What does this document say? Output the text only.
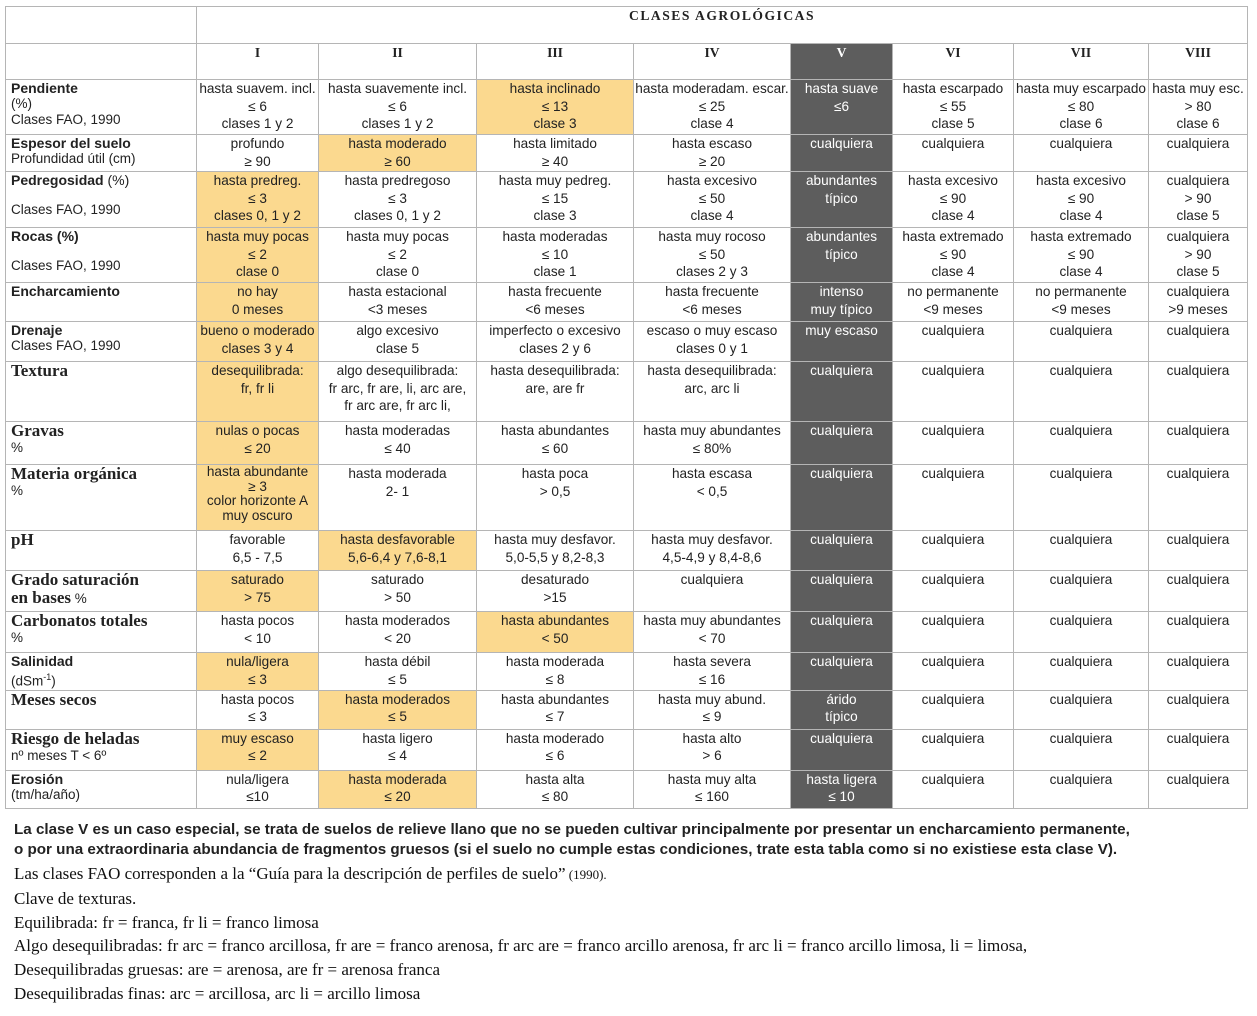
	CLASES AGROLÓGICAS							
	I	II	III	IV	V	VI	VII	VIII

Pendiente
(%)
Clases FAO, 1990	hasta suavem. incl.
≤ 6
clases 1 y 2	hasta suavemente incl.
≤ 6
clases 1 y 2	hasta inclinado
≤ 13
clase 3	hasta moderadam. escar.
≤ 25
clase 4	hasta suave
≤6	hasta escarpado
≤ 55
clase 5	hasta muy escarpado
≤ 80
clase 6	hasta muy esc.
> 80
clase 6

Espesor del suelo
Profundidad útil (cm)	profundo
≥ 90	hasta moderado
≥ 60	hasta limitado
≥ 40	hasta escaso
≥ 20	cualquiera	cualquiera	cualquiera	cualquiera

Pedregosidad (%)
Clases FAO, 1990	hasta predreg.
≤ 3
clases 0, 1 y 2	hasta predregoso
≤ 3
clases 0, 1 y 2	hasta muy pedreg.
≤ 15
clase 3	hasta excesivo
≤ 50
clase 4	abundantes
típico	hasta excesivo
≤ 90
clase 4	hasta excesivo
≤ 90
clase 4	cualquiera
> 90
clase 5

Rocas (%)
Clases FAO, 1990	hasta muy pocas
≤ 2
clase 0	hasta muy pocas
≤ 2
clase 0	hasta moderadas
≤ 10
clase 1	hasta muy rocoso
≤ 50
clases 2 y 3	abundantes
típico	hasta extremado
≤ 90
clase 4	hasta extremado
≤ 90
clase 4	cualquiera
> 90
clase 5

Encharcamiento	no hay
0 meses	hasta estacional
<3 meses	hasta frecuente
<6 meses	hasta frecuente
<6 meses	intenso
muy típico	no permanente
<9 meses	no permanente
<9 meses	cualquiera
>9 meses

Drenaje
Clases FAO, 1990	bueno o moderado
clases 3 y 4	algo excesivo
clase 5	imperfecto o excesivo
clases 2 y 6	escaso o muy escaso
clases 0 y 1	muy escaso	cualquiera	cualquiera	cualquiera

Textura	desequilibrada:
fr, fr li	algo desequilibrada:
fr arc, fr are, li, arc are,
fr arc are, fr arc li,	hasta desequilibrada:
are, are fr	hasta desequilibrada:
arc, arc li	cualquiera	cualquiera	cualquiera	cualquiera

Gravas
%	nulas o pocas
≤ 20	hasta moderadas
≤ 40	hasta abundantes
≤ 60	hasta muy abundantes
≤ 80%	cualquiera	cualquiera	cualquiera	cualquiera

Materia orgánica
%	hasta abundante
≥ 3
color horizonte A
muy oscuro	hasta moderada
2- 1	hasta poca
> 0,5	hasta escasa
< 0,5	cualquiera	cualquiera	cualquiera	cualquiera

pH	favorable
6,5 - 7,5	hasta desfavorable
5,6-6,4 y 7,6-8,1	hasta muy desfavor.
5,0-5,5 y 8,2-8,3	hasta muy desfavor.
4,5-4,9 y 8,4-8,6	cualquiera	cualquiera	cualquiera	cualquiera

Grado saturación
en bases %	saturado
> 75	saturado
> 50	desaturado
>15	cualquiera	cualquiera	cualquiera	cualquiera	cualquiera

Carbonatos totales
%	hasta pocos
< 10	hasta moderados
< 20	hasta abundantes
< 50	hasta muy abundantes
< 70	cualquiera	cualquiera	cualquiera	cualquiera

Salinidad
(dSm$^{-1}$)	nula/ligera
≤ 3	hasta débil
≤ 5	hasta moderada
≤ 8	hasta severa
≤ 16	cualquiera	cualquiera	cualquiera	cualquiera

Meses secos	hasta pocos
≤ 3	hasta moderados
≤ 5	hasta abundantes
≤ 7	hasta muy abund.
≤ 9	árido
típico	cualquiera	cualquiera	cualquiera

Riesgo de heladas
nº meses T < 6º	muy escaso
≤ 2	hasta ligero
≤ 4	hasta moderado
≤ 6	hasta alto
> 6	cualquiera	cualquiera	cualquiera	cualquiera

Erosión
(tm/ha/año)	nula/ligera
≤10	hasta moderada
≤ 20	hasta alta
≤ 80	hasta muy alta
≤ 160	hasta ligera
≤ 10	cualquiera	cualquiera	cualquiera

La clase V es un caso especial, se trata de suelos de relieve llano que no se pueden cultivar principalmente por presentar un encharcamiento permanente,

o por una extraordinaria abundancia de fragmentos gruesos (si el suelo no cumple estas condiciones, trate esta tabla como si no existiese esta clase V).

Las clases FAO corresponden a la “Guía para la descripción de perfiles de suelo” (1990).

Clave de texturas.

Equilibrada: fr = franca, fr li = franco limosa

Algo desequilibradas: fr arc = franco arcillosa, fr are = franco arenosa, fr arc are = franco arcillo arenosa, fr arc li = franco arcillo limosa, li = limosa,

Desequilibradas gruesas: are = arenosa, are fr = arenosa franca

Desequilibradas finas: arc = arcillosa, arc li = arcillo limosa
